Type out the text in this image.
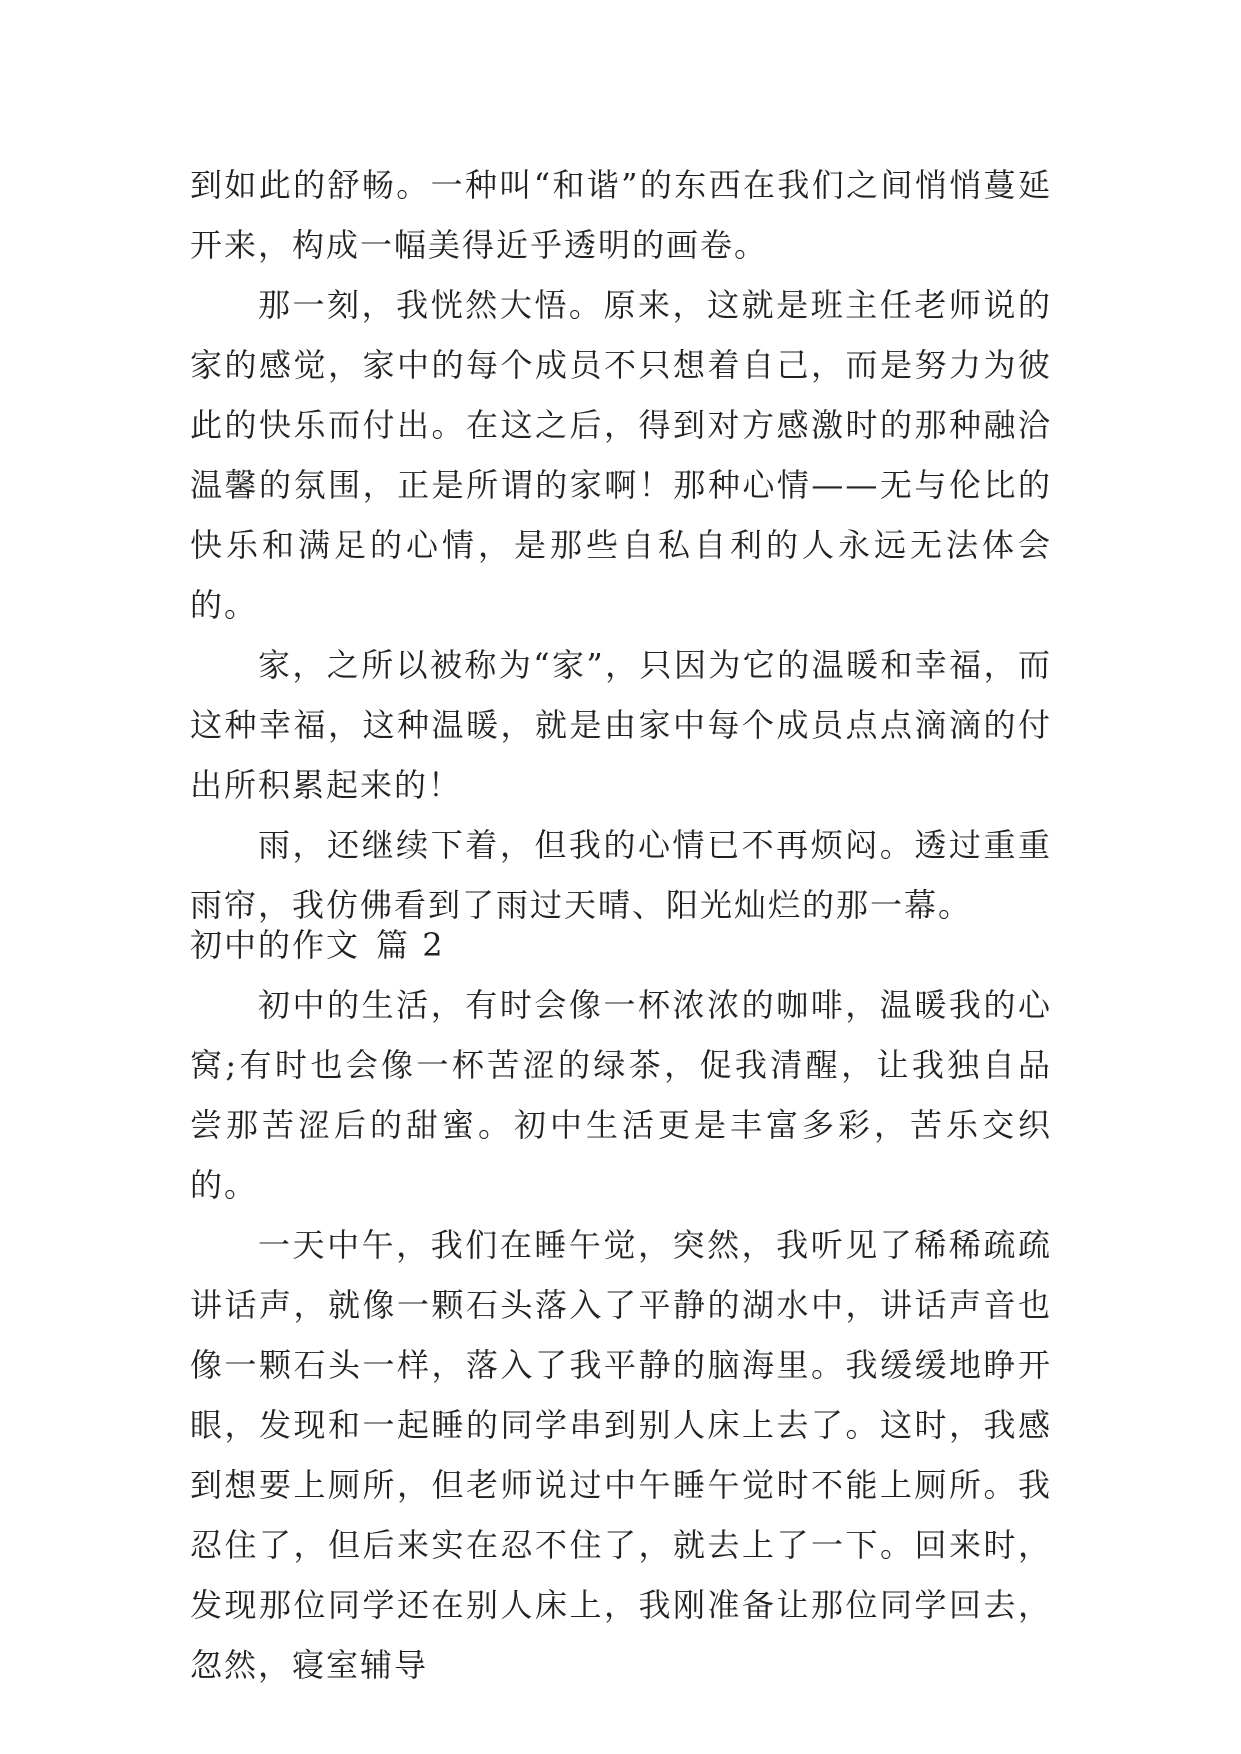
到如此的舒畅。一种叫“和谐”的东西在我们之间悄悄蔓延开来，构成一幅美得近乎透明的画卷。

那一刻，我恍然大悟。原来，这就是班主任老师说的家的感觉，家中的每个成员不只想着自己，而是努力为彼此的快乐而付出。在这之后，得到对方感激时的那种融洽温馨的氛围，正是所谓的家啊！那种心情——无与伦比的快乐和满足的心情，是那些自私自利的人永远无法体会的。

家，之所以被称为“家”，只因为它的温暖和幸福，而这种幸福，这种温暖，就是由家中每个成员点点滴滴的付出所积累起来的！

雨，还继续下着，但我的心情已不再烦闷。透过重重雨帘，我仿佛看到了雨过天晴、阳光灿烂的那一幕。

初中的作文 篇 2

初中的生活，有时会像一杯浓浓的咖啡，温暖我的心窝;有时也会像一杯苦涩的绿茶，促我清醒，让我独自品尝那苦涩后的甜蜜。初中生活更是丰富多彩，苦乐交织的。

一天中午，我们在睡午觉，突然，我听见了稀稀疏疏讲话声，就像一颗石头落入了平静的湖水中，讲话声音也像一颗石头一样，落入了我平静的脑海里。我缓缓地睁开眼，发现和一起睡的同学串到别人床上去了。这时，我感到想要上厕所，但老师说过中午睡午觉时不能上厕所。我忍住了，但后来实在忍不住了，就去上了一下。回来时，发现那位同学还在别人床上，我刚准备让那位同学回去，忽然，寝室辅导
